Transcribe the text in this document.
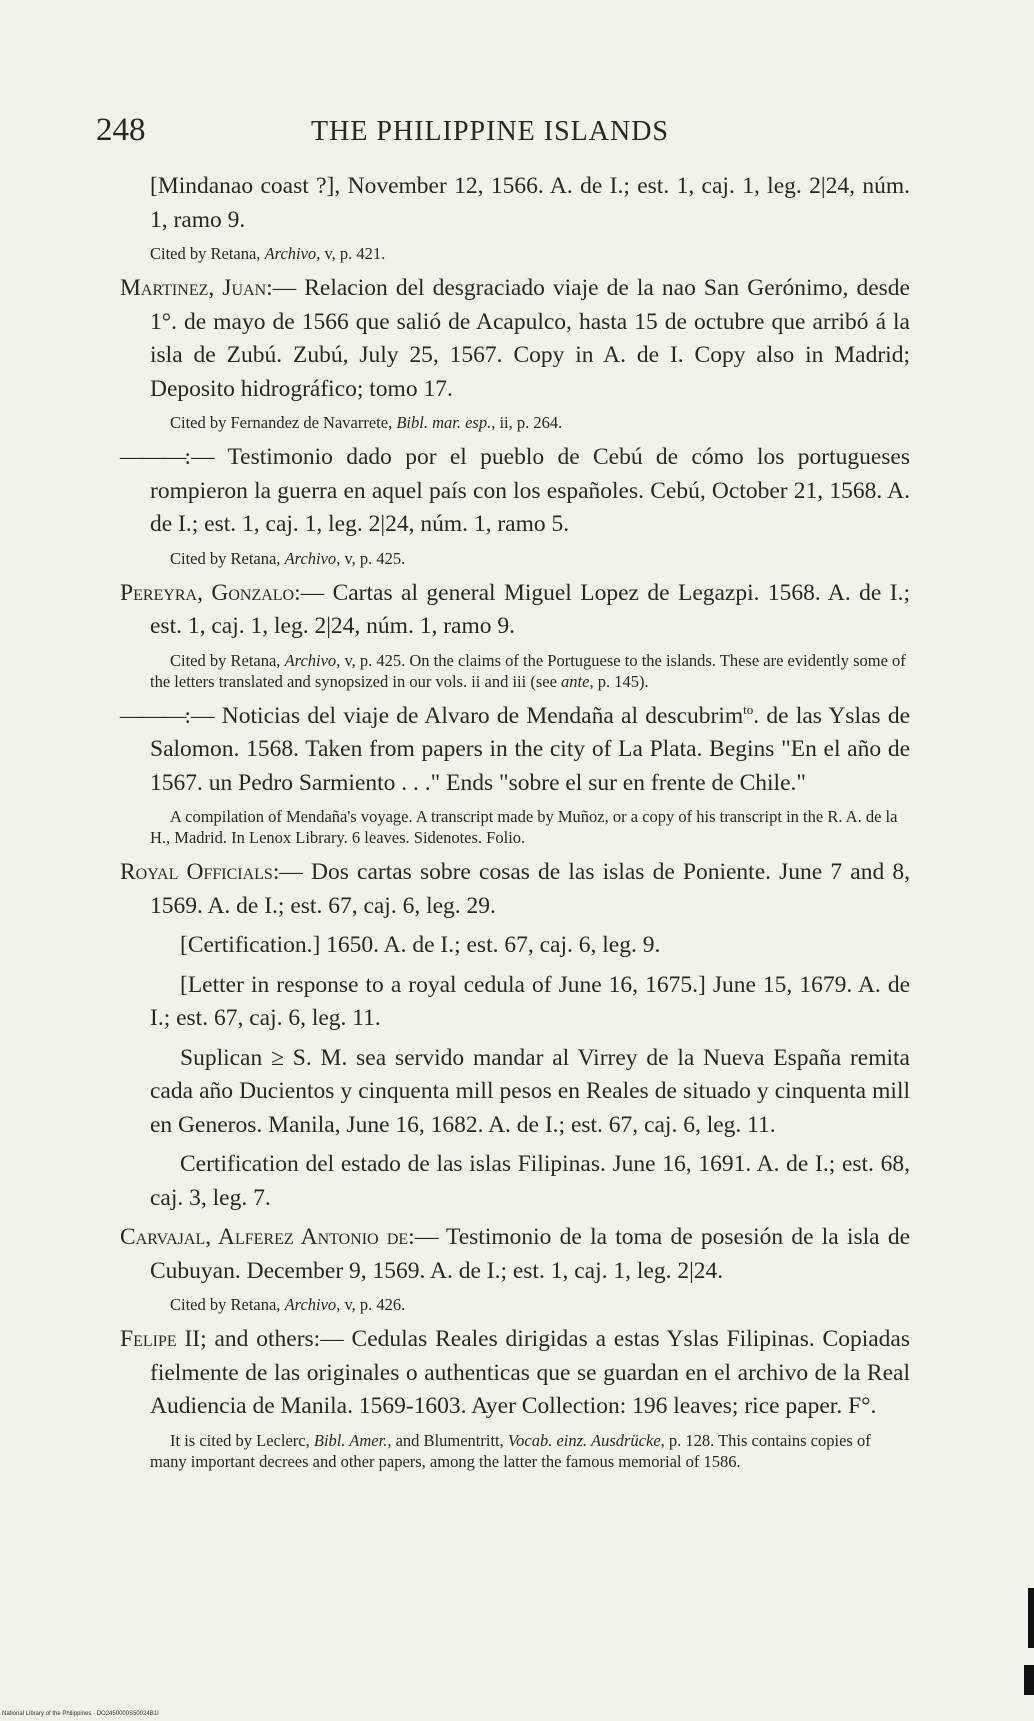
248	THE PHILIPPINE ISLANDS

[Mindanao coast ?], November 12, 1566. A. de I.; est. 1, caj. 1, leg. 2|24, núm. 1, ramo 9.

Cited by Retana, Archivo, v, p. 421.

Martinez, Juan:— Relacion del desgraciado viaje de la nao San Gerónimo, desde 1°. de mayo de 1566 que salió de Acapulco, hasta 15 de octubre que arribó á la isla de Zubú. Zubú, July 25, 1567. Copy in A. de I. Copy also in Madrid; Deposito hidrográfico; tomo 17.

Cited by Fernandez de Navarrete, Bibl. mar. esp., ii, p. 264.

———:— Testimonio dado por el pueblo de Cebú de cómo los portugueses rompieron la guerra en aquel país con los españoles. Cebú, October 21, 1568. A. de I.; est. 1, caj. 1, leg. 2|24, núm. 1, ramo 5.

Cited by Retana, Archivo, v, p. 425.

Pereyra, Gonzalo:— Cartas al general Miguel Lopez de Legazpi. 1568. A. de I.; est. 1, caj. 1, leg. 2|24, núm. 1, ramo 9.

Cited by Retana, Archivo, v, p. 425. On the claims of the Portuguese to the islands. These are evidently some of the letters translated and synopsized in our vols. ii and iii (see ante, p. 145).

———:— Noticias del viaje de Alvaro de Mendaña al descubrim$^{to}$. de las Yslas de Salomon. 1568. Taken from papers in the city of La Plata. Begins "En el año de 1567. un Pedro Sarmiento . . ." Ends "sobre el sur en frente de Chile."

A compilation of Mendaña's voyage. A transcript made by Muñoz, or a copy of his transcript in the R. A. de la H., Madrid. In Lenox Library. 6 leaves. Sidenotes. Folio.

Royal Officials:— Dos cartas sobre cosas de las islas de Poniente. June 7 and 8, 1569. A. de I.; est. 67, caj. 6, leg. 29.

[Certification.] 1650. A. de I.; est. 67, caj. 6, leg. 9.

[Letter in response to a royal cedula of June 16, 1675.] June 15, 1679. A. de I.; est. 67, caj. 6, leg. 11.

Suplican ≥ S. M. sea servido mandar al Virrey de la Nueva España remita cada año Ducientos y cinquenta mill pesos en Reales de situado y cinquenta mill en Generos. Manila, June 16, 1682. A. de I.; est. 67, caj. 6, leg. 11.

Certification del estado de las islas Filipinas. June 16, 1691. A. de I.; est. 68, caj. 3, leg. 7.

Carvajal, Alferez Antonio de:— Testimonio de la toma de posesión de la isla de Cubuyan. December 9, 1569. A. de I.; est. 1, caj. 1, leg. 2|24.

Cited by Retana, Archivo, v, p. 426.

Felipe II; and others:— Cedulas Reales dirigidas a estas Yslas Filipinas. Copiadas fielmente de las originales o authenticas que se guardan en el archivo de la Real Audiencia de Manila. 1569-1603. Ayer Collection: 196 leaves; rice paper. F°.

It is cited by Leclerc, Bibl. Amer., and Blumentritt, Vocab. einz. Ausdrücke, p. 128. This contains copies of many important decrees and other papers, among the latter the famous memorial of 1586.

National Library of the Philippines · DO2450000S50024B1I
